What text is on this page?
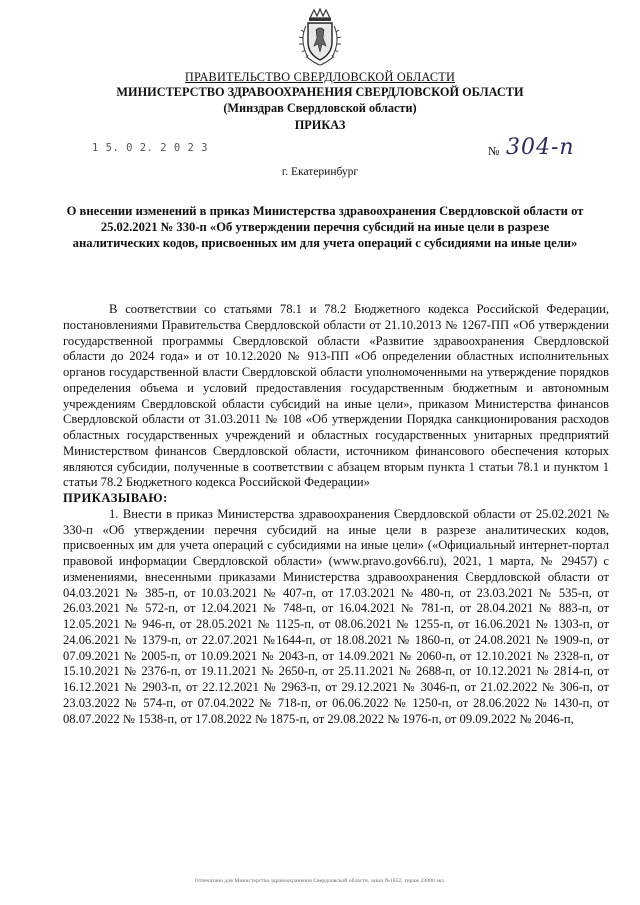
ПРАВИТЕЛЬСТВО СВЕРДЛОВСКОЙ ОБЛАСТИ
МИНИСТЕРСТВО ЗДРАВООХРАНЕНИЯ СВЕРДЛОВСКОЙ ОБЛАСТИ
(Минздрав Свердловской области)
ПРИКАЗ
1 5. 0 2. 2 0 2 3	№ 304-п
г. Екатеринбург
О внесении изменений в приказ Министерства здравоохранения Свердловской области от 25.02.2021 № 330-п «Об утверждении перечня субсидий на иные цели в разрезе аналитических кодов, присвоенных им для учета операций с субсидиями на иные цели»

В соответствии со статьями 78.1 и 78.2 Бюджетного кодекса Российской Федерации, постановлениями Правительства Свердловской области от 21.10.2013 № 1267-ПП «Об утверждении государственной программы Свердловской области «Развитие здравоохранения Свердловской области до 2024 года» и от 10.12.2020 № 913-ПП «Об определении областных исполнительных органов государственной власти Свердловской области уполномоченными на утверждение порядков определения объема и условий предоставления государственным бюджетным и автономным учреждениям Свердловской области субсидий на иные цели», приказом Министерства финансов Свердловской области от 31.03.2011 № 108 «Об утверждении Порядка санкционирования расходов областных государственных учреждений и областных государственных унитарных предприятий Министерством финансов Свердловской области, источником финансового обеспечения которых являются субсидии, полученные в соответствии с абзацем вторым пункта 1 статьи 78.1 и пунктом 1 статьи 78.2 Бюджетного кодекса Российской Федерации»

ПРИКАЗЫВАЮ:

1. Внести в приказ Министерства здравоохранения Свердловской области от 25.02.2021 № 330-п «Об утверждении перечня субсидий на иные цели в разрезе аналитических кодов, присвоенных им для учета операций с субсидиями на иные цели» («Официальный интернет-портал правовой информации Свердловской области» (www.pravo.gov66.ru), 2021, 1 марта, № 29457) с изменениями, внесенными приказами Министерства здравоохранения Свердловской области от 04.03.2021 № 385-п, от 10.03.2021 № 407-п, от 17.03.2021 № 480-п, от 23.03.2021 № 535-п, от 26.03.2021 № 572-п, от 12.04.2021 № 748-п, от 16.04.2021 № 781-п, от 28.04.2021 № 883-п, от 12.05.2021 № 946-п, от 28.05.2021 № 1125-п, от 08.06.2021 № 1255-п, от 16.06.2021 № 1303-п, от 24.06.2021 № 1379-п, от 22.07.2021 №1644-п, от 18.08.2021 № 1860-п, от 24.08.2021 № 1909-п, от 07.09.2021 № 2005-п, от 10.09.2021 № 2043-п, от 14.09.2021 № 2060-п, от 12.10.2021 № 2328-п, от 15.10.2021 № 2376-п, от 19.11.2021 № 2650-п, от 25.11.2021 № 2688-п, от 10.12.2021 № 2814-п, от 16.12.2021 № 2903-п, от 22.12.2021 № 2963-п, от 29.12.2021 № 3046-п, от 21.02.2022 № 306-п, от 23.03.2022 № 574-п, от 07.04.2022 № 718-п, от 06.06.2022 № 1250-п, от 28.06.2022 № 1430-п, от 08.07.2022 № 1538-п, от 17.08.2022 № 1875-п, от 29.08.2022 № 1976-п, от 09.09.2022 № 2046-п,

Отпечатано для Министерства здравоохранения Свердловской области, заказ №1652, тираж 23000 экз.
